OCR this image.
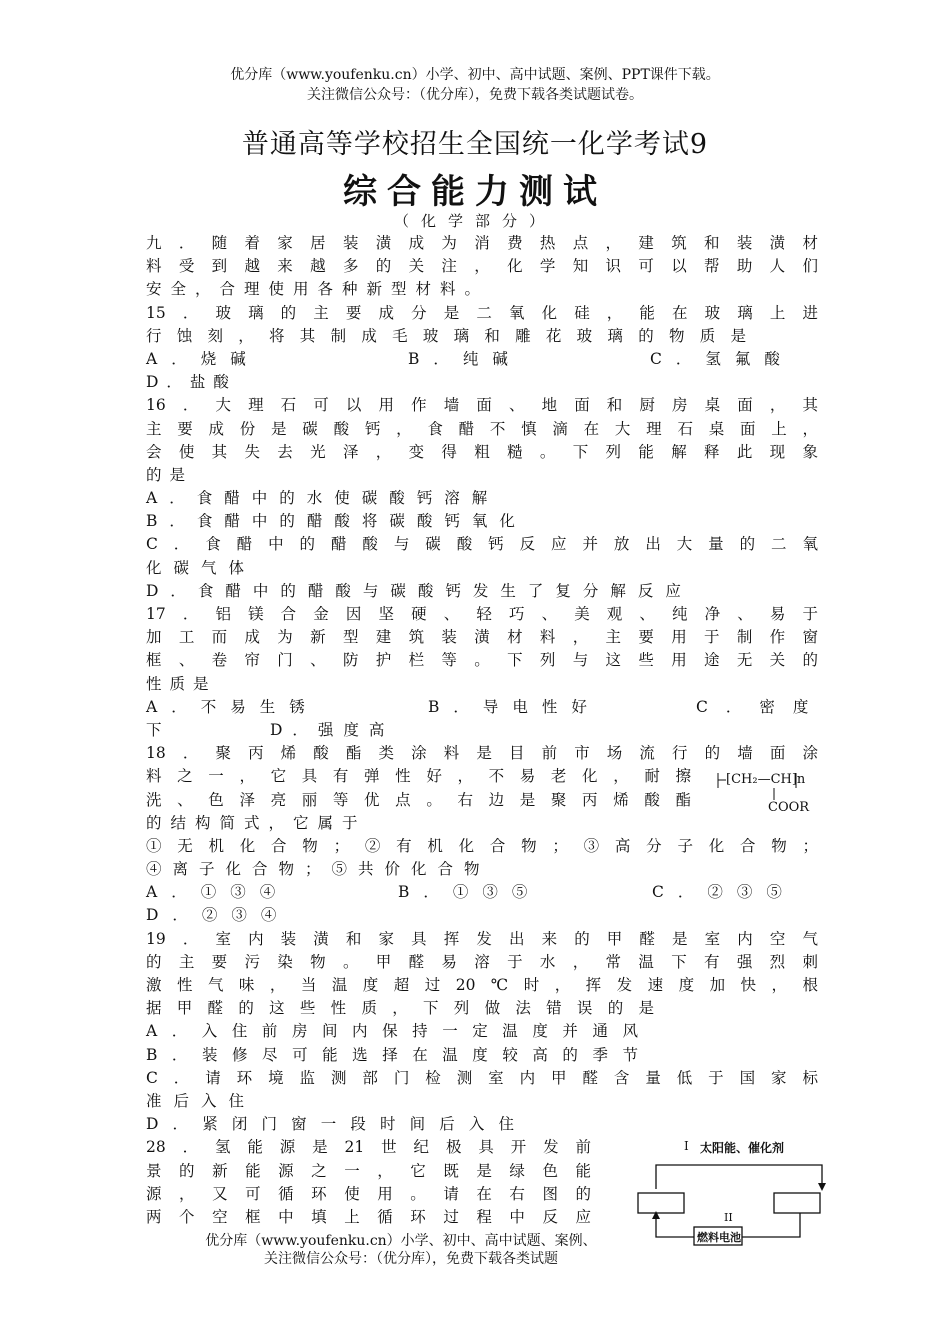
优分库（www.youfenku.cn）小学、初中、高中试题、案例、PPT课件下载。
关注微信公众号：（优分库），免费下载各类试题试卷。
普通高等学校招生全国统一化学考试9
综合能力测试
（化学部分）
九．随着家居装潢成为消费热点，建筑和装潢材
料受到越来越多的关注，化学知识可以帮助人们
安全，合理使用各种新型材料。
15．玻璃的主要成分是二氧化硅，能在玻璃上进
行蚀刻，将其制成毛玻璃和雕花玻璃的物质是
A．烧碱	B．纯碱	C．氢氟酸
D．盐酸
16．大理石可以用作墙面、地面和厨房桌面，其
主要成份是碳酸钙，食醋不慎滴在大理石桌面上，
会使其失去光泽，变得粗糙。下列能解释此现象
的是
A．食醋中的水使碳酸钙溶解
B．食醋中的醋酸将碳酸钙氧化
C．食醋中的醋酸与碳酸钙反应并放出大量的二氧
化碳气体
D．食醋中的醋酸与碳酸钙发生了复分解反应
17．铝镁合金因坚硬、轻巧、美观、纯净、易于
加工而成为新型建筑装潢材料，主要用于制作窗
框、卷帘门、防护栏等。下列与这些用途无关的
性质是
A．不易生锈	B．导电性好	C．密度
下	D．强度高
18．聚丙烯酸酯类涂料是目前市场流行的墙面涂
料之一，它具有弹性好，不易老化，耐擦
洗、色泽亮丽等优点。右边是聚丙烯酸酯
的结构简式，它属于
①无机化合物；②有机化合物；③高分子化合物；
④离子化合物；⑤共价化合物
A．①③④	B．①③⑤	C．②③⑤
D．②③④
19．室内装潢和家具挥发出来的甲醛是室内空气
的主要污染物。甲醛易溶于水，常温下有强烈刺
激性气味，当温度超过20℃时，挥发速度加快，根
据甲醛的这些性质，下列做法错误的是
A．入住前房间内保持一定温度并通风
B．装修尽可能选择在温度较高的季节
C．请环境监测部门检测室内甲醛含量低于国家标
准后入住
D．紧闭门窗一段时间后入住
28．氢能源是21世纪极具开发前
景的新能源之一，它既是绿色能
源，又可循环使用。请在右图的
两个空框中填上循环过程中反应
[CH₂—CH]n
COOR
I 太阳能、催化剂
II
燃料电池
优分库（www.youfenku.cn）小学、初中、高中试题、案例、
关注微信公众号：（优分库），免费下载各类试题
